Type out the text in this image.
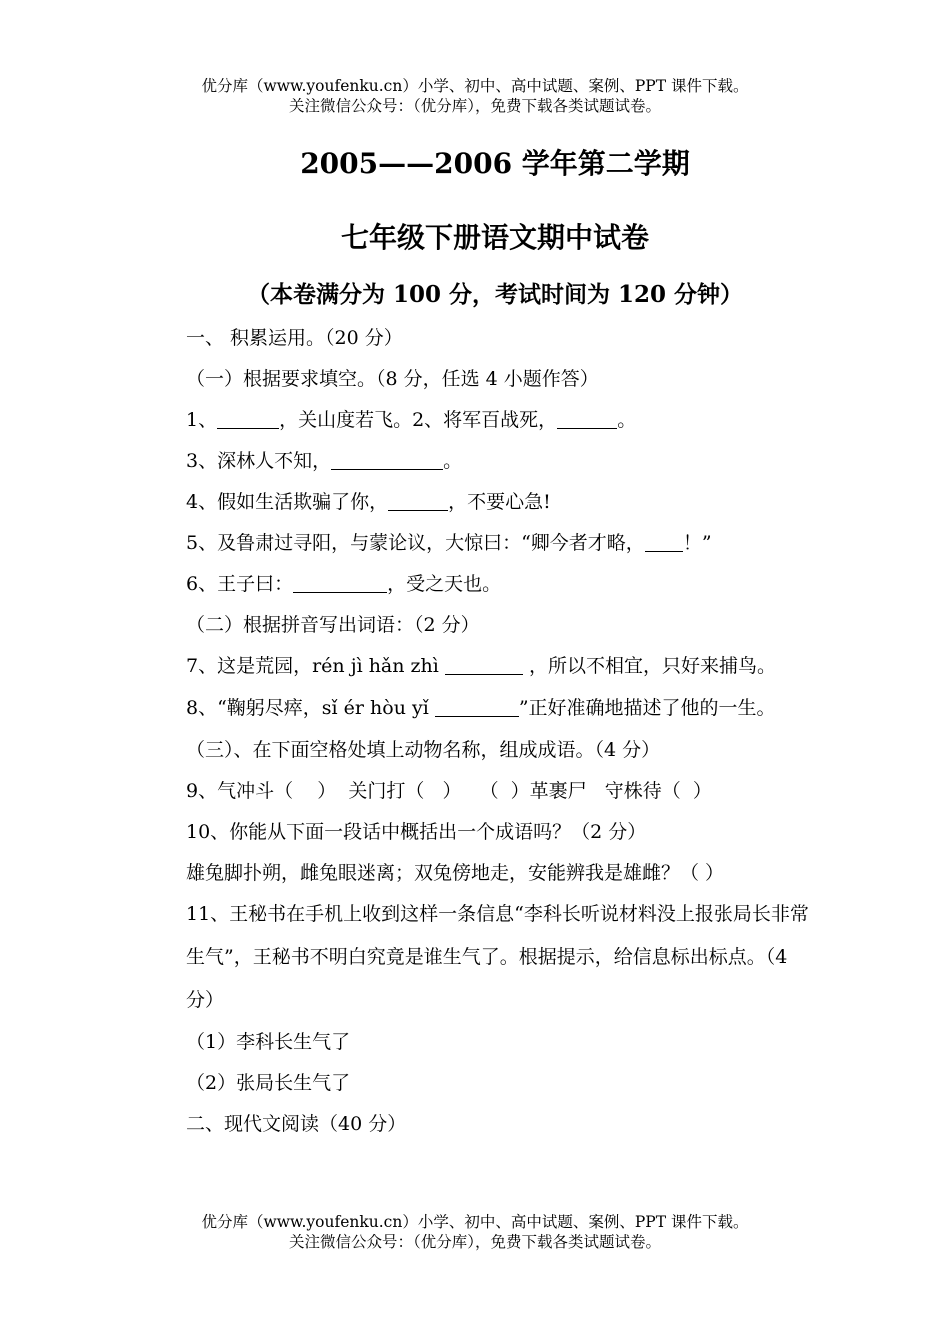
优分库（www.youfenku.cn）小学、初中、高中试题、案例、PPT 课件下载。
关注微信公众号：（优分库），免费下载各类试题试卷。
2005——2006 学年第二学期
七年级下册语文期中试卷
（本卷满分为 100 分，考试时间为 120 分钟）
一、 积累运用。（20 分）
（一）根据要求填空。（8 分，任选 4 小题作答）
1、	，关山度若飞。2、将军百战死，	。
3、深林人不知，	。
4、假如生活欺骗了你，	，不要心急!
5、及鲁肃过寻阳，与蒙论议，大惊曰：“卿今者才略， ！”
6、王子曰：	，受之天也。
（二）根据拼音写出词语：（2 分）
7、这是荒园，rén jì hǎn zhì	，所以不相宜，只好来捕鸟。
8、“鞠躬尽瘁，sǐ ér hòu yǐ	”正好准确地描述了他的一生。
（三）、在下面空格处填上动物名称，组成成语。（4 分）
9、气冲斗（    ）  关门打（   ）   （  ）革裹尸   守株待（  ）
10、你能从下面一段话中概括出一个成语吗？（2 分）
雄兔脚扑朔，雌兔眼迷离；双兔傍地走，安能辨我是雄雌？（ ）
11、王秘书在手机上收到这样一条信息“李科长听说材料没上报张局长非常生气”，王秘书不明白究竟是谁生气了。根据提示，给信息标出标点。（4 分）
（1）李科长生气了
（2）张局长生气了
二、现代文阅读（40 分）
优分库（www.youfenku.cn）小学、初中、高中试题、案例、PPT 课件下载。
关注微信公众号：（优分库），免费下载各类试题试卷。
